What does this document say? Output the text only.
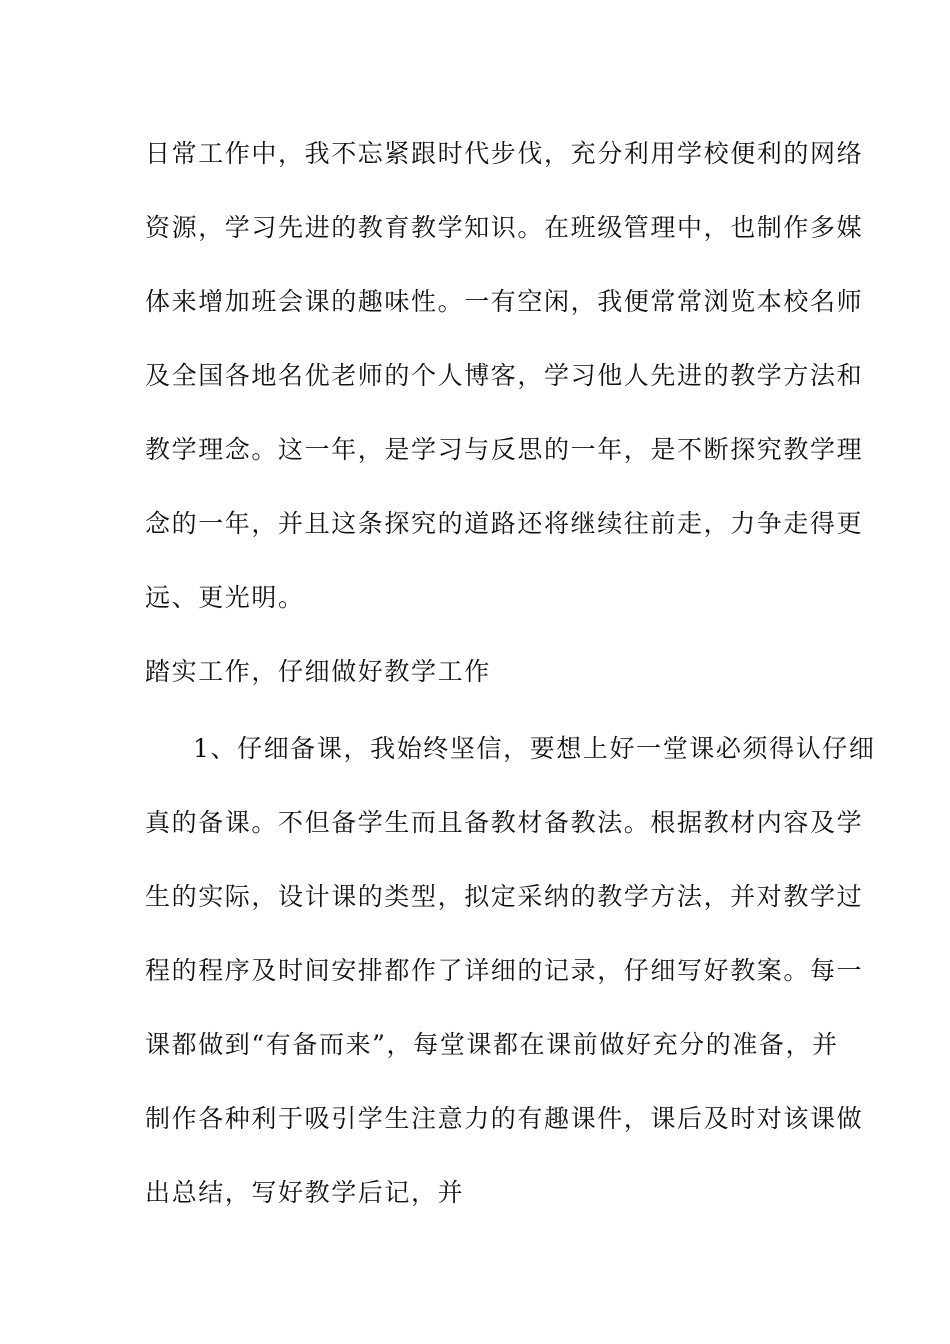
日常工作中，我不忘紧跟时代步伐，充分利用学校便利的网络
资源，学习先进的教育教学知识。在班级管理中，也制作多媒
体来增加班会课的趣味性。一有空闲，我便常常浏览本校名师
及全国各地名优老师的个人博客，学习他人先进的教学方法和
教学理念。这一年，是学习与反思的一年，是不断探究教学理
念的一年，并且这条探究的道路还将继续往前走，力争走得更
远、更光明。
踏实工作，仔细做好教学工作
1、仔细备课，我始终坚信，要想上好一堂课必须得认仔细
真的备课。不但备学生而且备教材备教法。根据教材内容及学
生的实际，设计课的类型，拟定采纳的教学方法，并对教学过
程的程序及时间安排都作了详细的记录，仔细写好教案。每一
课都做到“有备而来”，每堂课都在课前做好充分的准备，并
制作各种利于吸引学生注意力的有趣课件，课后及时对该课做
出总结，写好教学后记，并
